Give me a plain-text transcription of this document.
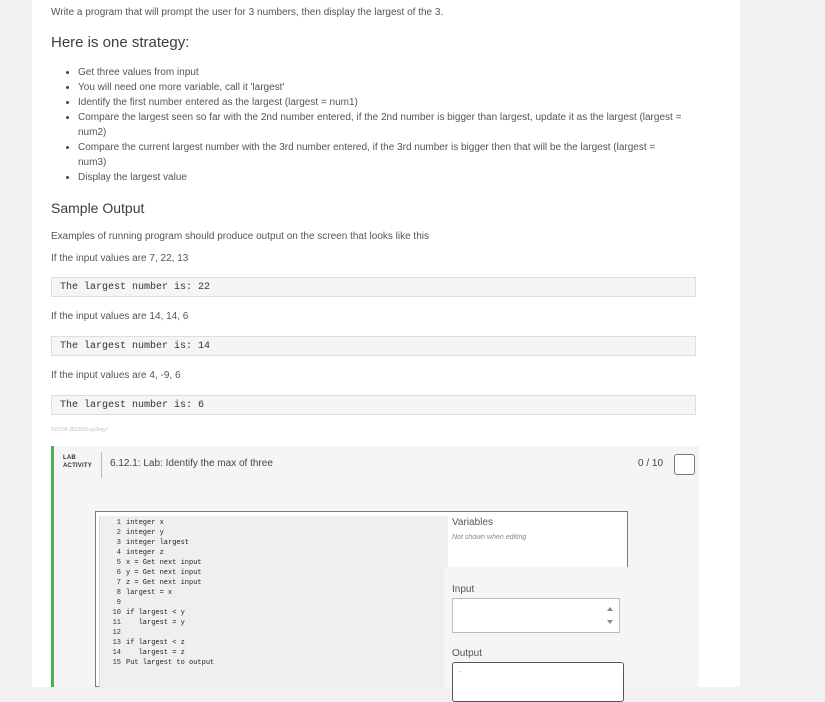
Write a program that will prompt the user for 3 numbers, then display the largest of the 3.

Here is one strategy:
Get three values from input
You will need one more variable, call it 'largest'
Identify the first number entered as the largest (largest = num1)
Compare the largest seen so far with the 2nd number entered, if the 2nd number is bigger than largest, update it as the largest (largest = num2)
Compare the current largest number with the 3rd number entered, if the 3rd number is bigger then that will be the largest (largest = num3)
Display the largest value
Sample Output

Examples of running program should produce output on the screen that looks like this

If the input values are 7, 22, 13

The largest number is: 22

If the input values are 14, 14, 6

The largest number is: 14

If the input values are 4, -9, 6

The largest number is: 6
510734.3832590.qx3zqy7
LAB
ACTIVITY 6.12.1: Lab: Identify the max of three	0 / 10
1 integer x
2 integer y
3 integer largest
4 integer z
5 x = Get next input
6 y = Get next input
7 z = Get next input
8 largest = x
9
10 if largest < y
11 largest = y
12
13 if largest < z
14 largest = z
15 Put largest to output
Variables
Not shown when editing
Input
Output
-
